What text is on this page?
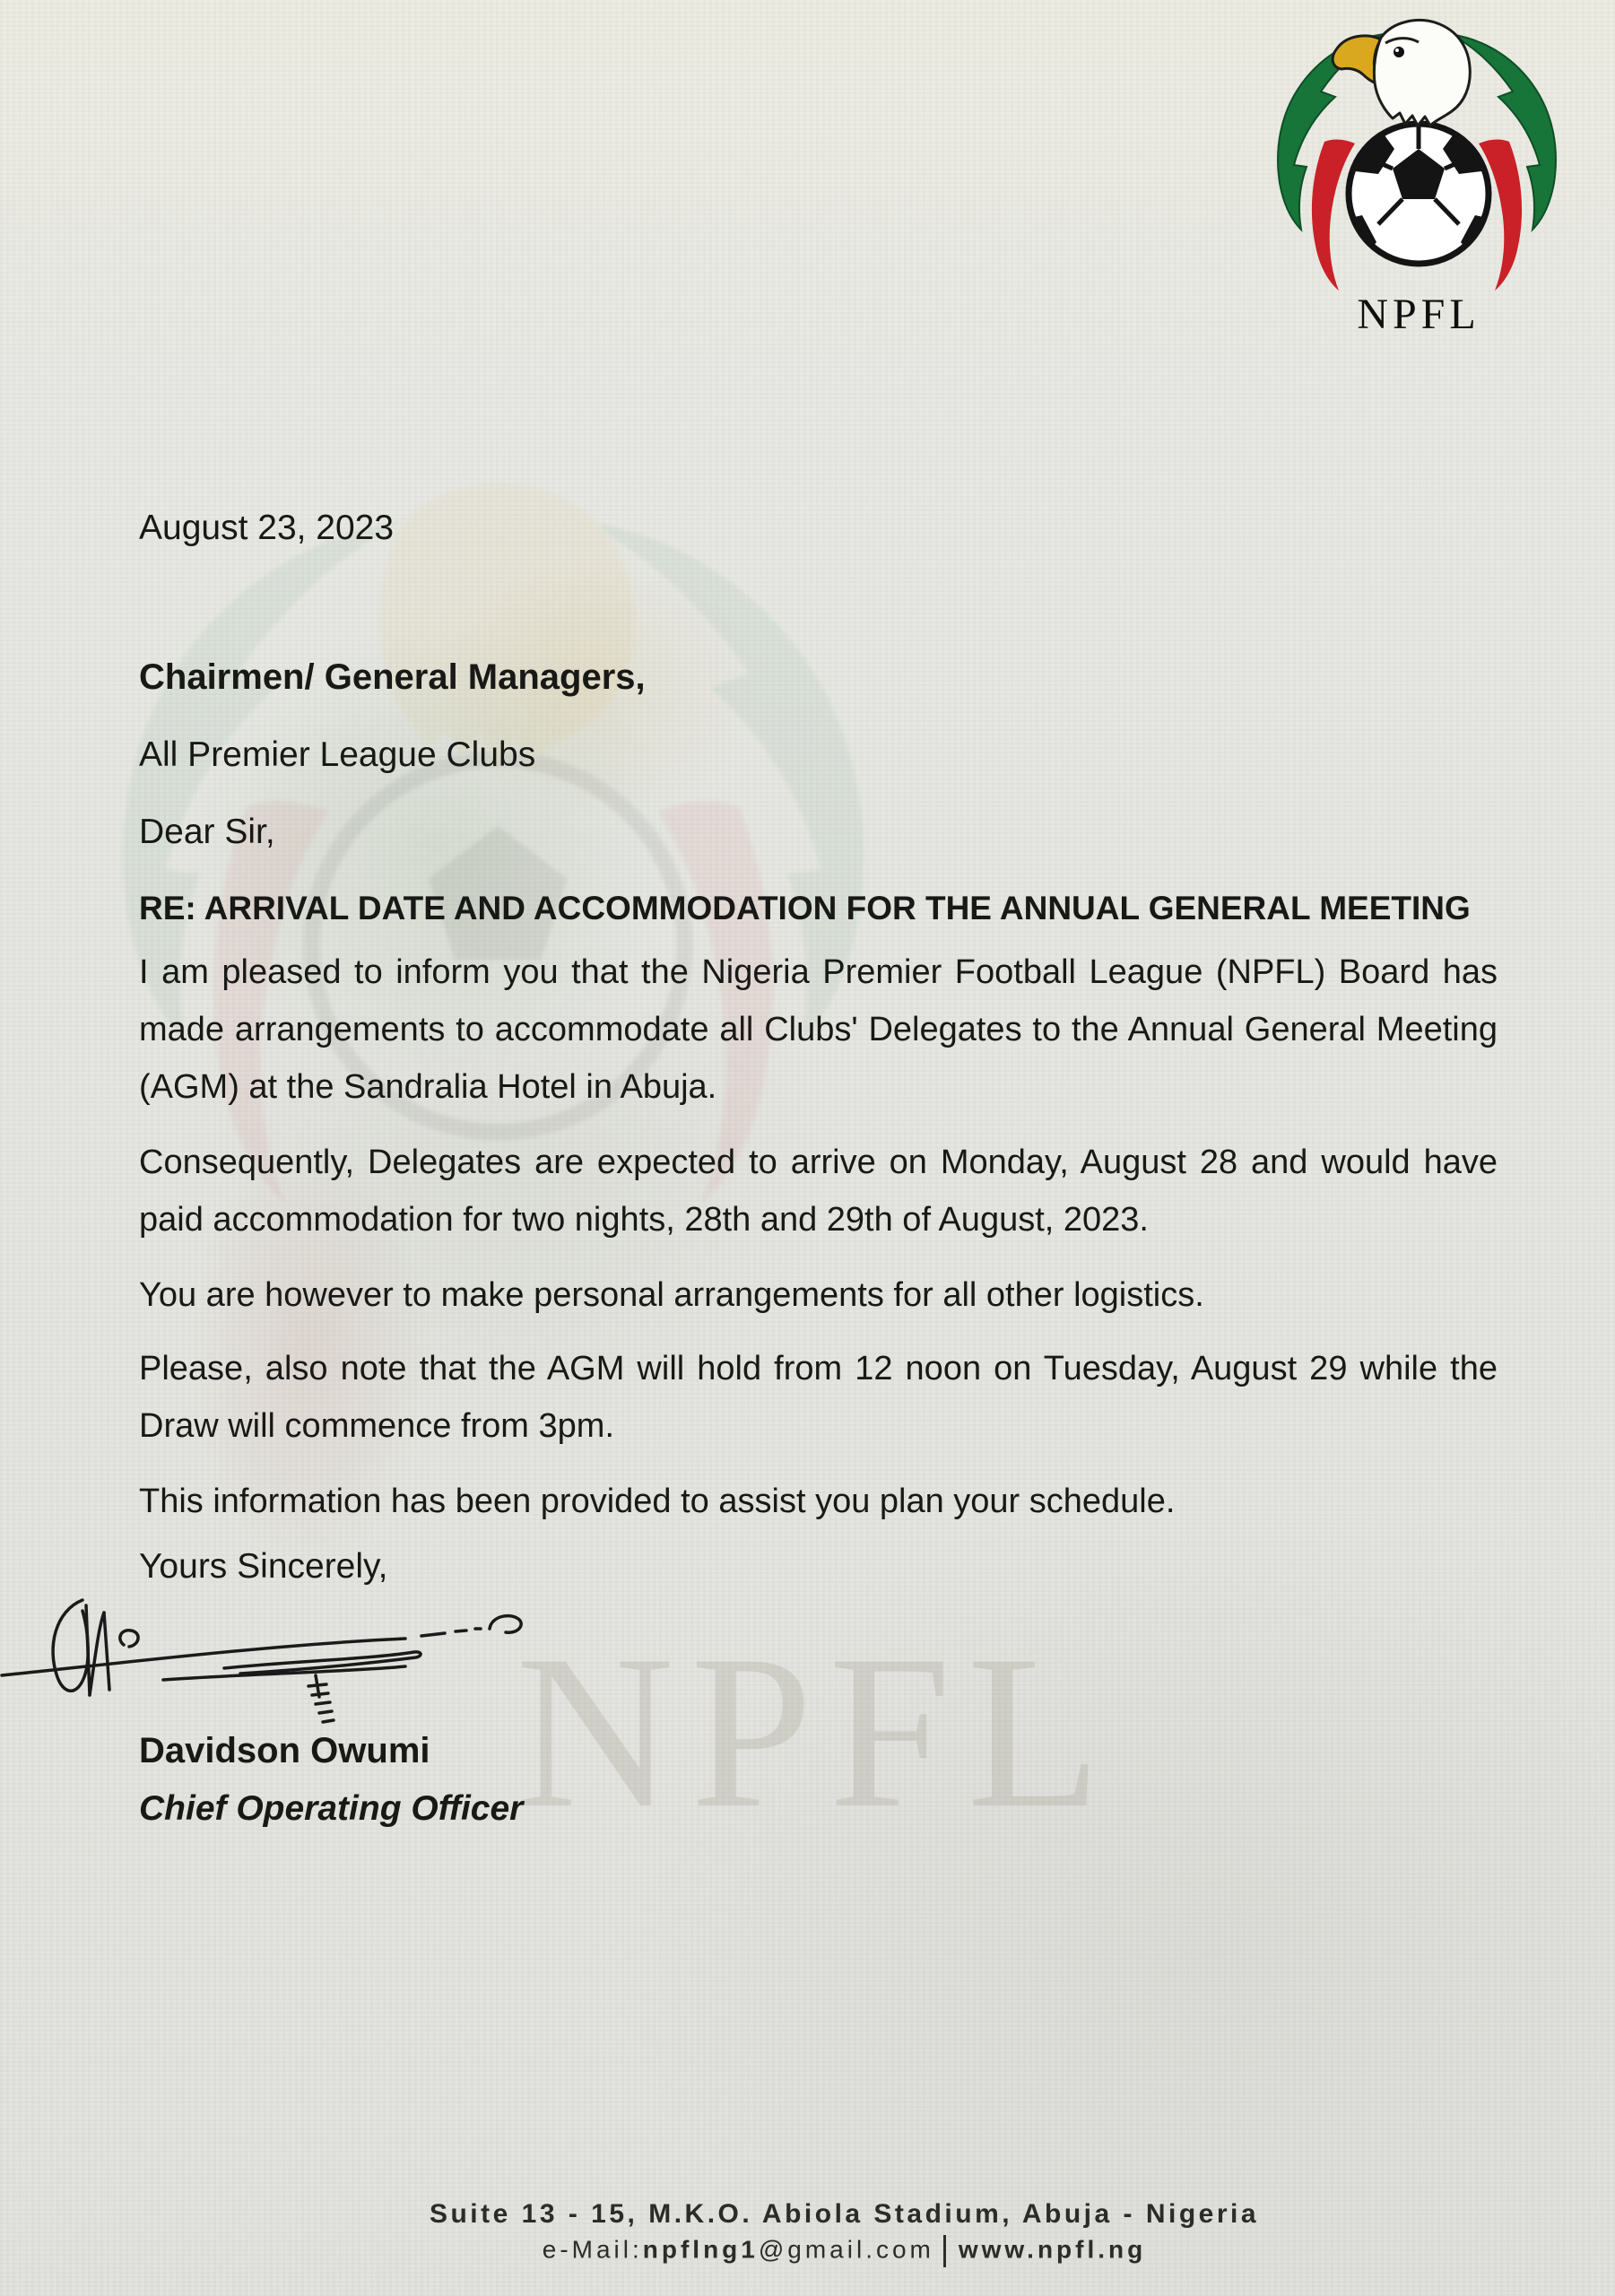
NPFL
NPFL
August 23, 2023
Chairmen/ General Managers,
All Premier League Clubs
Dear Sir,
RE: ARRIVAL DATE AND ACCOMMODATION FOR THE ANNUAL GENERAL MEETING

I am pleased to inform you that the Nigeria Premier Football League (NPFL) Board has made arrangements to accommodate all Clubs' Delegates to the Annual General Meeting (AGM) at the Sandralia Hotel in Abuja.

Consequently, Delegates are expected to arrive on Monday, August 28 and would have paid accommodation for two nights, 28th and 29th of August, 2023.

You are however to make personal arrangements for all other logistics.

Please, also note that the AGM will hold from 12 noon on Tuesday, August 29 while the Draw will commence from 3pm.

This information has been provided to assist you plan your schedule.

Yours Sincerely,
Davidson Owumi
Chief Operating Officer

Suite 13 - 15, M.K.O. Abiola Stadium, Abuja - Nigeria

e-Mail:npflng1@gmail.com www.npfl.ng
